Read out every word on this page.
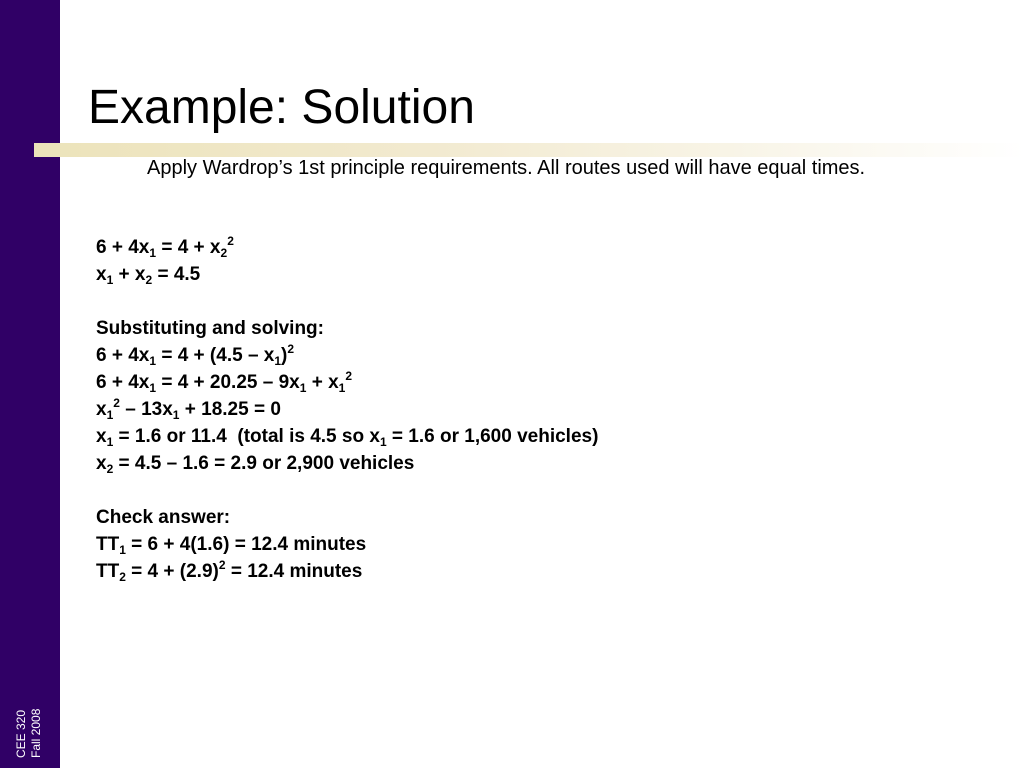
CEE 320 Fall 2008
Example: Solution
Apply Wardrop’s 1st principle requirements. All routes used will have equal times.
$6 + 4x_1 = 4 + x_2^2$
$x_1 + x_2 = 4.5$
Substituting and solving:
$6 + 4x_1 = 4 + (4.5 - x_1)^2$
$6 + 4x_1 = 4 + 20.25 - 9x_1 + x_1^2$
$x_1^2 - 13x_1 + 18.25 = 0$
$x_1 = 1.6$ or 11.4  (total is 4.5 so $x_1 = 1.6$ or 1,600 vehicles)
$x_2 = 4.5 - 1.6 = 2.9$ or 2,900 vehicles
Check answer:
$TT_1 = 6 + 4(1.6) = 12.4$ minutes
$TT_2 = 4 + (2.9)^2 = 12.4$ minutes
